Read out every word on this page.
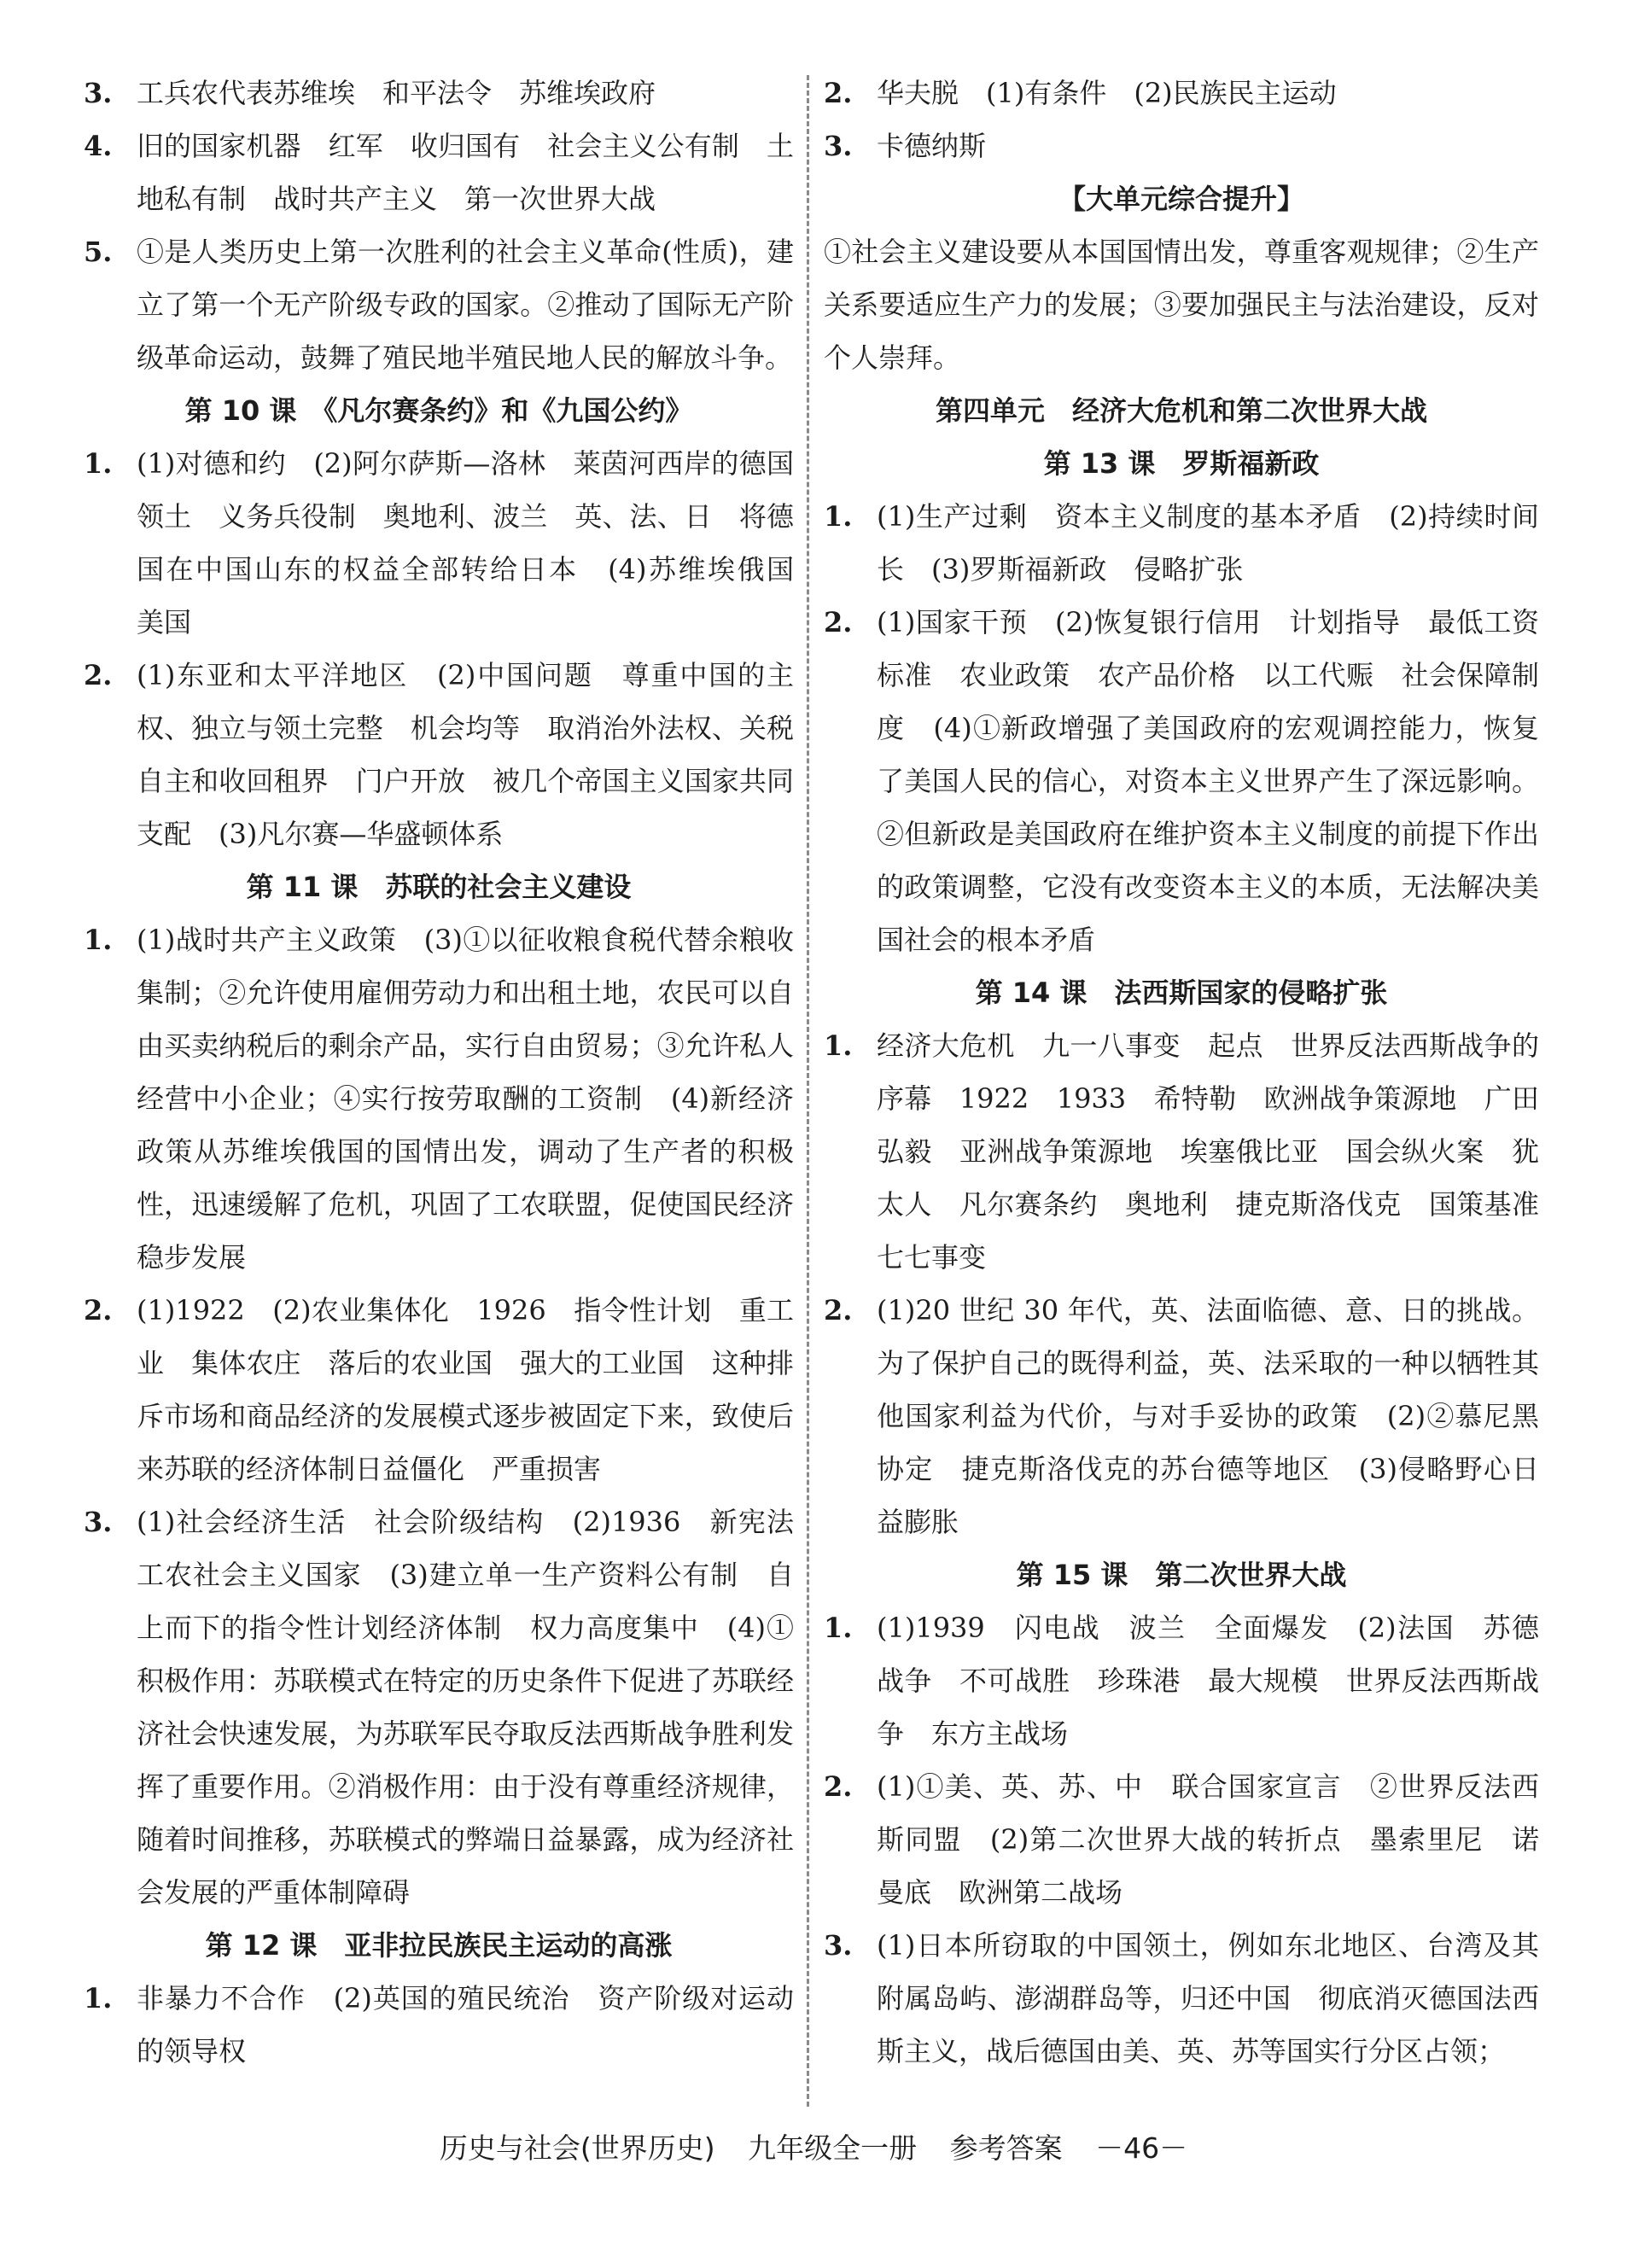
3. 工兵农代表苏维埃　和平法令　苏维埃政府
4. 旧的国家机器　红军　收归国有　社会主义公有制　土地私有制　战时共产主义　第一次世界大战
5. ①是人类历史上第一次胜利的社会主义革命(性质)，建立了第一个无产阶级专政的国家。②推动了国际无产阶级革命运动，鼓舞了殖民地半殖民地人民的解放斗争。
第 10 课　《凡尔赛条约》和《九国公约》
1. (1)对德和约　(2)阿尔萨斯—洛林　莱茵河西岸的德国领土　义务兵役制　奥地利、波兰　英、法、日　将德国在中国山东的权益全部转给日本　(4)苏维埃俄国　美国
2. (1)东亚和太平洋地区　(2)中国问题　尊重中国的主权、独立与领土完整　机会均等　取消治外法权、关税自主和收回租界　门户开放　被几个帝国主义国家共同支配　(3)凡尔赛—华盛顿体系
第 11 课　苏联的社会主义建设
1. (1)战时共产主义政策　(3)①以征收粮食税代替余粮收集制；②允许使用雇佣劳动力和出租土地，农民可以自由买卖纳税后的剩余产品，实行自由贸易；③允许私人经营中小企业；④实行按劳取酬的工资制　(4)新经济政策从苏维埃俄国的国情出发，调动了生产者的积极性，迅速缓解了危机，巩固了工农联盟，促使国民经济稳步发展
2. (1)1922　(2)农业集体化　1926　指令性计划　重工业　集体农庄　落后的农业国　强大的工业国　这种排斥市场和商品经济的发展模式逐步被固定下来，致使后来苏联的经济体制日益僵化　严重损害
3. (1)社会经济生活　社会阶级结构　(2)1936　新宪法　工农社会主义国家　(3)建立单一生产资料公有制　自上而下的指令性计划经济体制　权力高度集中　(4)①积极作用：苏联模式在特定的历史条件下促进了苏联经济社会快速发展，为苏联军民夺取反法西斯战争胜利发挥了重要作用。②消极作用：由于没有尊重经济规律，随着时间推移，苏联模式的弊端日益暴露，成为经济社会发展的严重体制障碍
第 12 课　亚非拉民族民主运动的高涨
1. 非暴力不合作　(2)英国的殖民统治　资产阶级对运动的领导权
2. 华夫脱　(1)有条件　(2)民族民主运动
3. 卡德纳斯
【大单元综合提升】
①社会主义建设要从本国国情出发，尊重客观规律；②生产关系要适应生产力的发展；③要加强民主与法治建设，反对个人崇拜。
第四单元　经济大危机和第二次世界大战
第 13 课　罗斯福新政
1. (1)生产过剩　资本主义制度的基本矛盾　(2)持续时间长　(3)罗斯福新政　侵略扩张
2. (1)国家干预　(2)恢复银行信用　计划指导　最低工资标准　农业政策　农产品价格　以工代赈　社会保障制度　(4)①新政增强了美国政府的宏观调控能力，恢复了美国人民的信心，对资本主义世界产生了深远影响。②但新政是美国政府在维护资本主义制度的前提下作出的政策调整，它没有改变资本主义的本质，无法解决美国社会的根本矛盾
第 14 课　法西斯国家的侵略扩张
1. 经济大危机　九一八事变　起点　世界反法西斯战争的序幕　1922　1933　希特勒　欧洲战争策源地　广田弘毅　亚洲战争策源地　埃塞俄比亚　国会纵火案　犹太人　凡尔赛条约　奥地利　捷克斯洛伐克　国策基准　七七事变
2. (1)20 世纪 30 年代，英、法面临德、意、日的挑战。为了保护自己的既得利益，英、法采取的一种以牺牲其他国家利益为代价，与对手妥协的政策　(2)②慕尼黑协定　捷克斯洛伐克的苏台德等地区　(3)侵略野心日益膨胀
第 15 课　第二次世界大战
1. (1)1939　闪电战　波兰　全面爆发　(2)法国　苏德战争　不可战胜　珍珠港　最大规模　世界反法西斯战争　东方主战场
2. (1)①美、英、苏、中　联合国家宣言　②世界反法西斯同盟　(2)第二次世界大战的转折点　墨索里尼　诺曼底　欧洲第二战场
3. (1)日本所窃取的中国领土，例如东北地区、台湾及其附属岛屿、澎湖群岛等，归还中国　彻底消灭德国法西斯主义，战后德国由美、英、苏等国实行分区占领；
历史与社会(世界历史) 九年级全一册 参考答案 －46－
